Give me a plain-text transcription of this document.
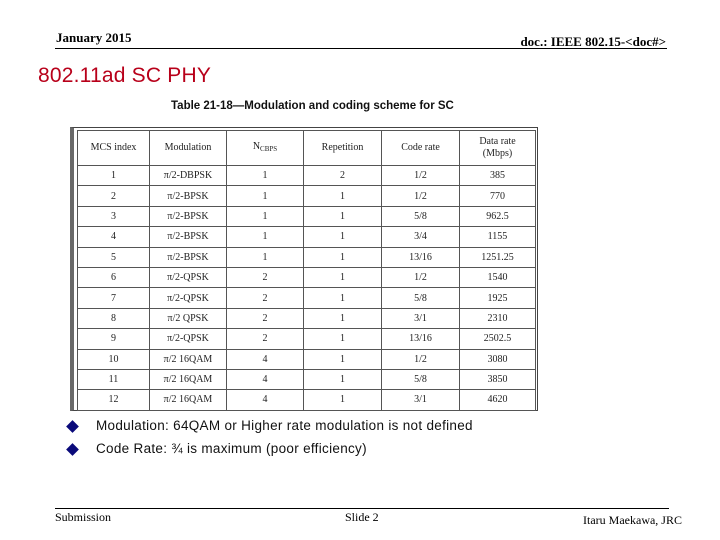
January 2015	doc.: IEEE 802.15-<doc#>
802.11ad SC PHY
Table 21-18—Modulation and coding scheme for SC
MCS index	Modulation	$N_{CBPS}$	Repetition	Code rate	Data rate
(Mbps)
1	π/2-DBPSK	1	2	1/2	385
2	π/2-BPSK	1	1	1/2	770
3	π/2-BPSK	1	1	5/8	962.5
4	π/2-BPSK	1	1	3/4	1155
5	π/2-BPSK	1	1	13/16	1251.25
6	π/2-QPSK	2	1	1/2	1540
7	π/2-QPSK	2	1	5/8	1925
8	π/2 QPSK	2	1	3/1	2310
9	π/2-QPSK	2	1	13/16	2502.5
10	π/2 16QAM	4	1	1/2	3080
11	π/2 16QAM	4	1	5/8	3850
12	π/2 16QAM	4	1	3/1	4620
Modulation: 64QAM or Higher rate modulation is not defined
Code Rate: ¾ is maximum (poor efficiency)
Submission	Slide 2	Itaru Maekawa, JRC
